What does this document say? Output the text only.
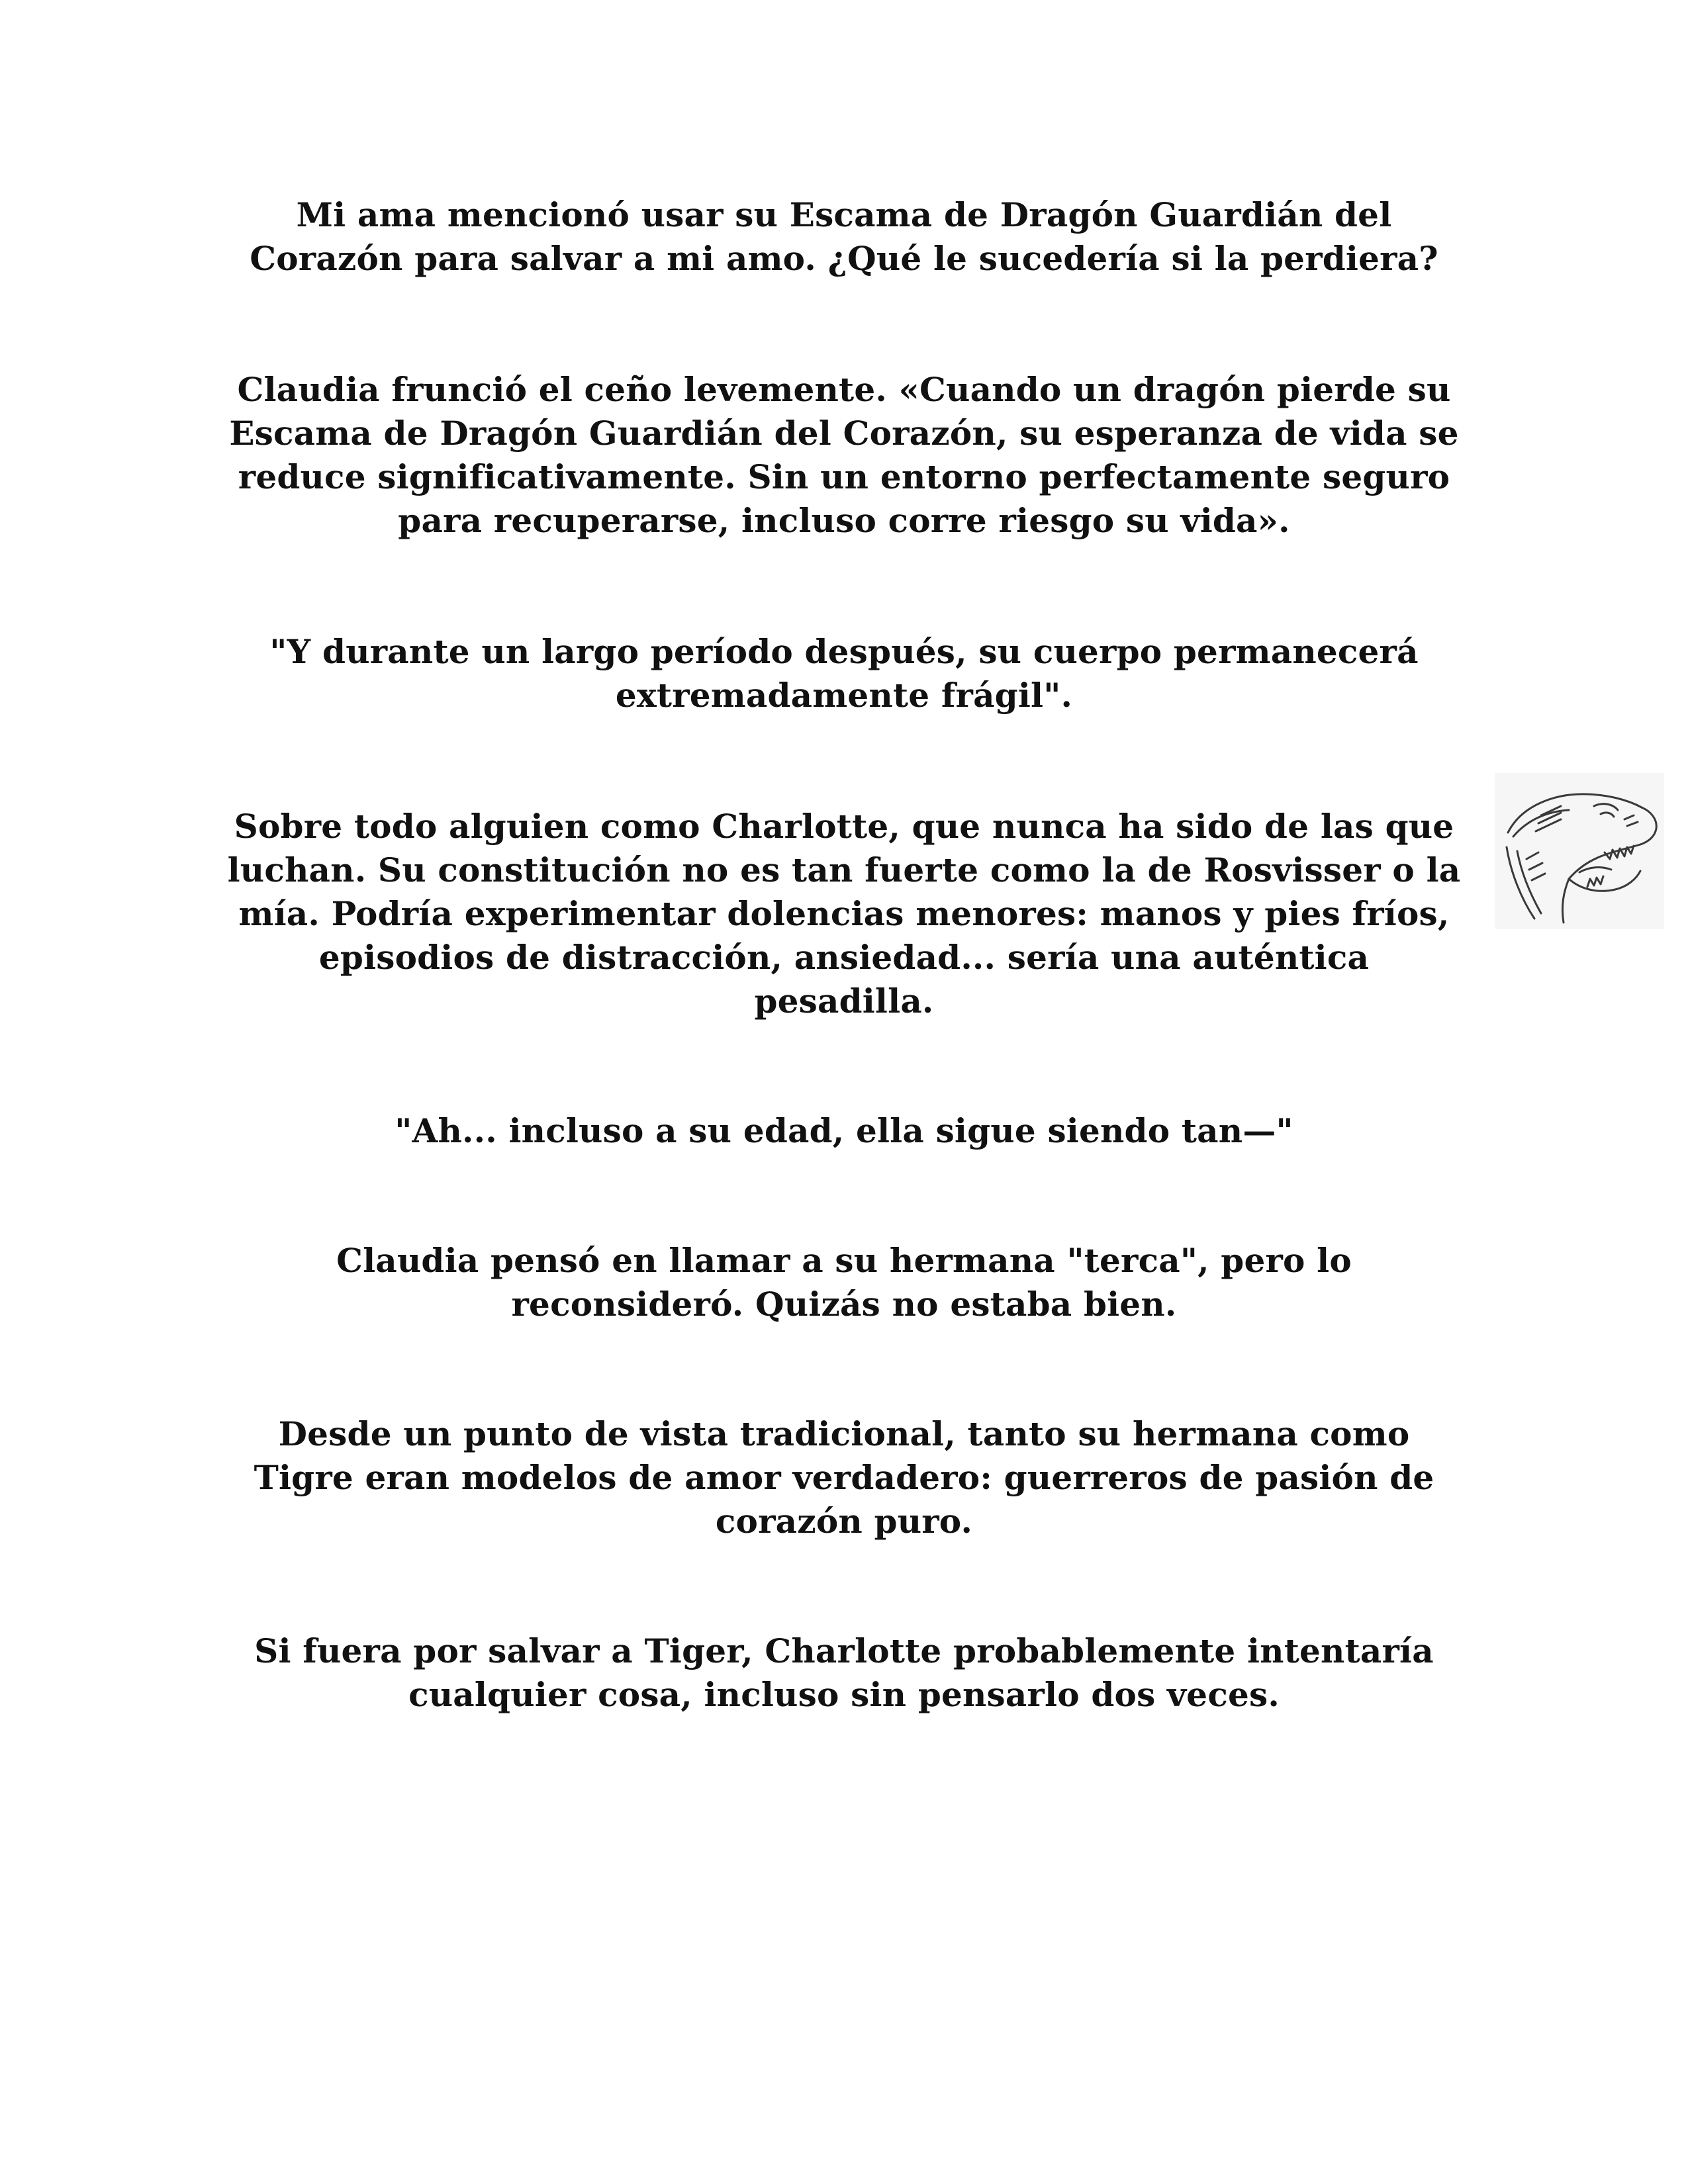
Mi ama mencionó usar su Escama de Dragón Guardián del Corazón para salvar a mi amo. ¿Qué le sucedería si la perdiera?

Claudia frunció el ceño levemente. «Cuando un dragón pierde su Escama de Dragón Guardián del Corazón, su esperanza de vida se reduce significativamente. Sin un entorno perfectamente seguro para recuperarse, incluso corre riesgo su vida».

"Y durante un largo período después, su cuerpo permanecerá extremadamente frágil".

Sobre todo alguien como Charlotte, que nunca ha sido de las que luchan. Su constitución no es tan fuerte como la de Rosvisser o la mía. Podría experimentar dolencias menores: manos y pies fríos, episodios de distracción, ansiedad... sería una auténtica pesadilla.

"Ah... incluso a su edad, ella sigue siendo tan—"

Claudia pensó en llamar a su hermana "terca", pero lo reconsideró. Quizás no estaba bien.

Desde un punto de vista tradicional, tanto su hermana como Tigre eran modelos de amor verdadero: guerreros de pasión de corazón puro.

Si fuera por salvar a Tiger, Charlotte probablemente intentaría cualquier cosa, incluso sin pensarlo dos veces.
